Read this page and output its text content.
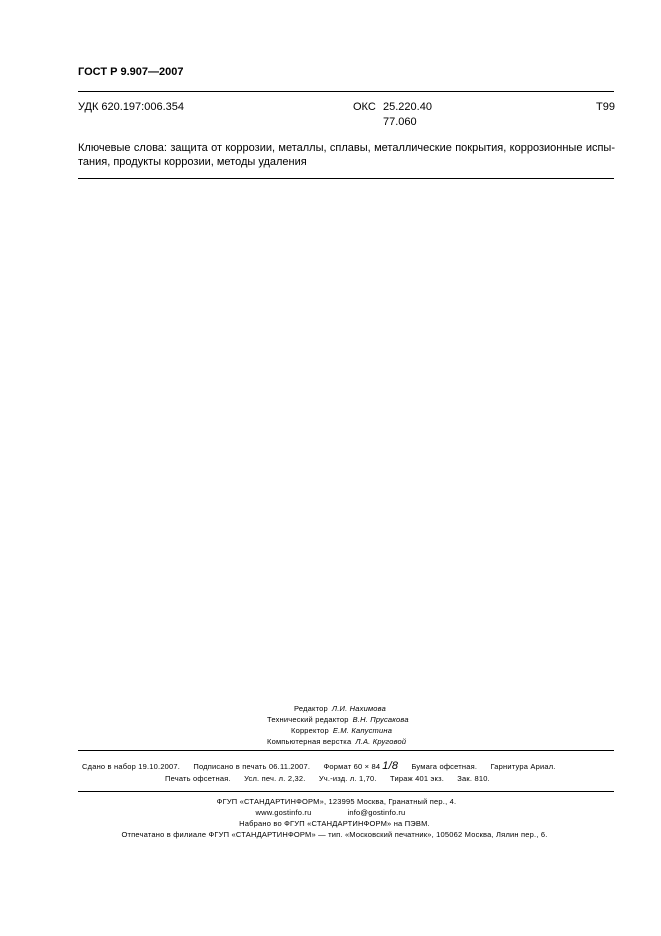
ГОСТ Р 9.907—2007
УДК 620.197:006.354	ОКС 25.220.40
77.060
Т99
Ключевые слова: защита от коррозии, металлы, сплавы, металлические покрытия, коррозионные испы-
тания, продукты коррозии, методы удаления
Редактор Л.И. Нахимова
Технический редактор В.Н. Прусакова
Корректор Е.М. Капустина
Компьютерная верстка Л.А. Круговой
Сдано в набор 19.10.2007. Подписано в печать 06.11.2007. Формат 60 × 84 1/8 Бумага офсетная. Гарнитура Ариал.
Печать офсетная. Усл. печ. л. 2,32. Уч.-изд. л. 1,70. Тираж 401 экз. Зак. 810.
ФГУП «СТАНДАРТИНФОРМ», 123995 Москва, Гранатный пер., 4.
www.gostinfo.ru	info@gostinfo.ru
Набрано во ФГУП «СТАНДАРТИНФОРМ» на ПЭВМ.
Отпечатано в филиале ФГУП «СТАНДАРТИНФОРМ» — тип. «Московский печатник», 105062 Москва, Лялин пер., 6.
